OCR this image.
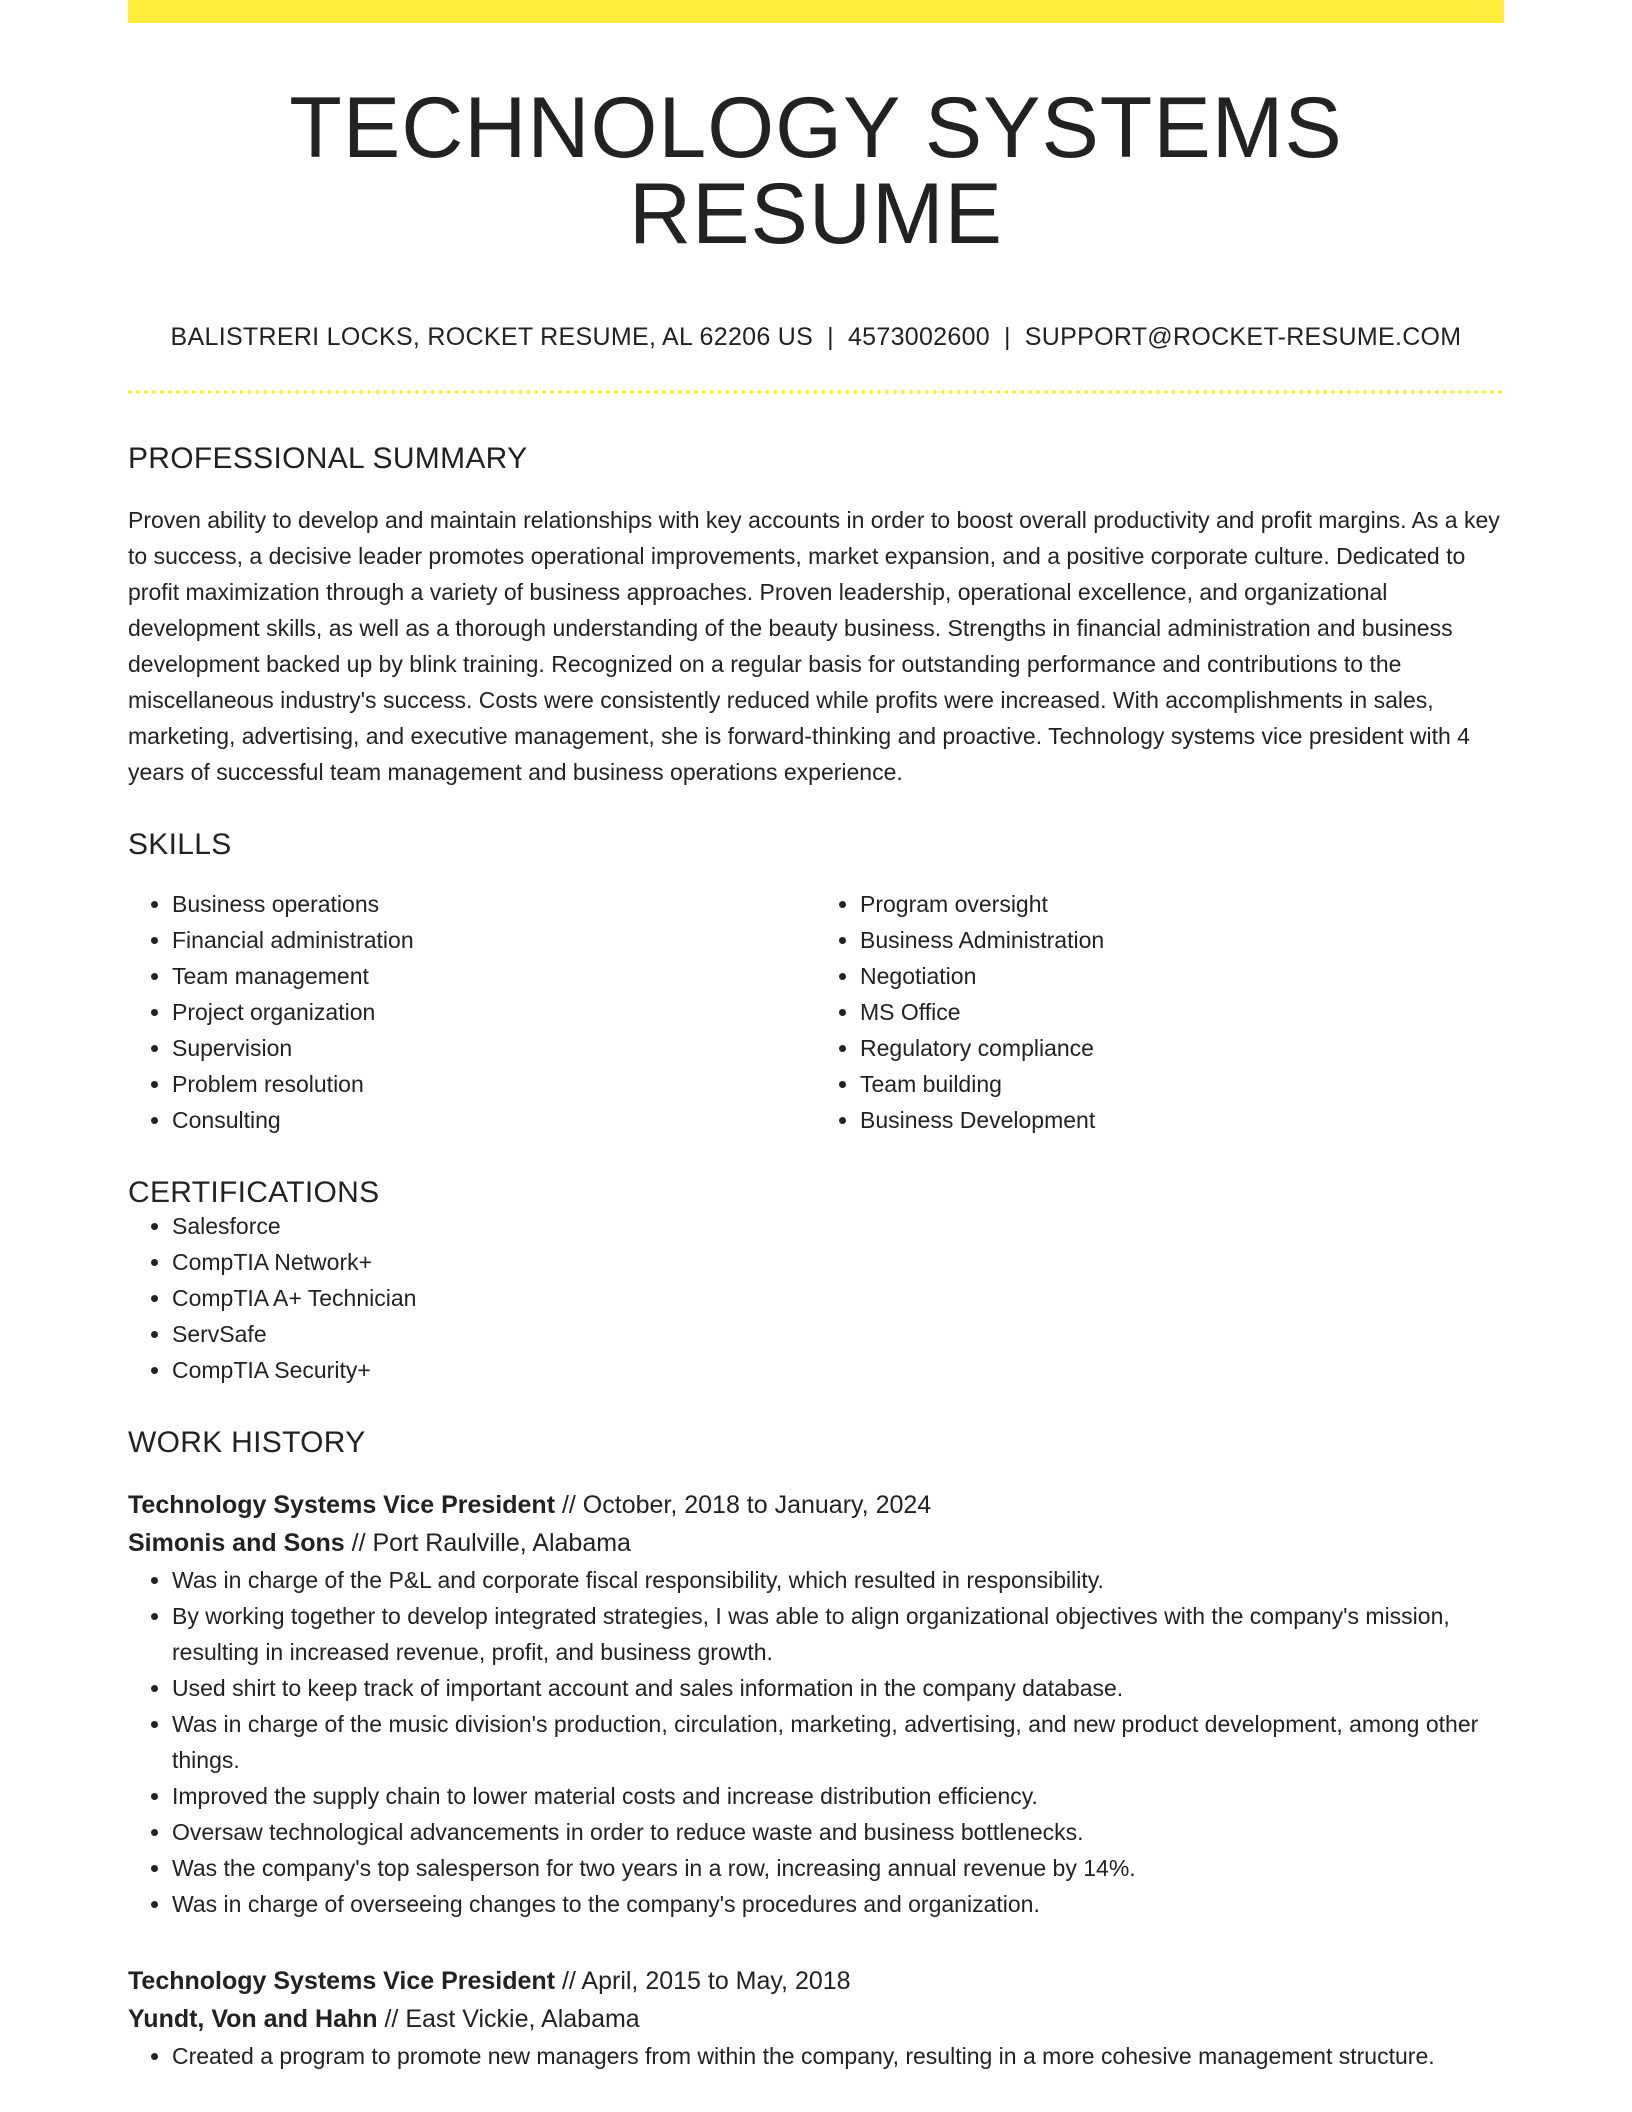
TECHNOLOGY SYSTEMS RESUME
BALISTRERI LOCKS, ROCKET RESUME, AL 62206 US | 4573002600 | SUPPORT@ROCKET-RESUME.COM
PROFESSIONAL SUMMARY

Proven ability to develop and maintain relationships with key accounts in order to boost overall productivity and profit margins. As a key to success, a decisive leader promotes operational improvements, market expansion, and a positive corporate culture. Dedicated to profit maximization through a variety of business approaches. Proven leadership, operational excellence, and organizational development skills, as well as a thorough understanding of the beauty business. Strengths in financial administration and business development backed up by blink training. Recognized on a regular basis for outstanding performance and contributions to the miscellaneous industry's success. Costs were consistently reduced while profits were increased. With accomplishments in sales, marketing, advertising, and executive management, she is forward-thinking and proactive. Technology systems vice president with 4 years of successful team management and business operations experience.

SKILLS
• Business operations
• Financial administration
• Team management
• Project organization
• Supervision
• Problem resolution
• Consulting
• Program oversight
• Business Administration
• Negotiation
• MS Office
• Regulatory compliance
• Team building
• Business Development
CERTIFICATIONS
• Salesforce
• CompTIA Network+
• CompTIA A+ Technician
• ServSafe
• CompTIA Security+
WORK HISTORY
Technology Systems Vice President // October, 2018 to January, 2024
Simonis and Sons // Port Raulville, Alabama
• Was in charge of the P&L and corporate fiscal responsibility, which resulted in responsibility.
• By working together to develop integrated strategies, I was able to align organizational objectives with the company's mission, resulting in increased revenue, profit, and business growth.
• Used shirt to keep track of important account and sales information in the company database.
• Was in charge of the music division's production, circulation, marketing, advertising, and new product development, among other things.
• Improved the supply chain to lower material costs and increase distribution efficiency.
• Oversaw technological advancements in order to reduce waste and business bottlenecks.
• Was the company's top salesperson for two years in a row, increasing annual revenue by 14%.
• Was in charge of overseeing changes to the company's procedures and organization.
Technology Systems Vice President // April, 2015 to May, 2018
Yundt, Von and Hahn // East Vickie, Alabama
• Created a program to promote new managers from within the company, resulting in a more cohesive management structure.
